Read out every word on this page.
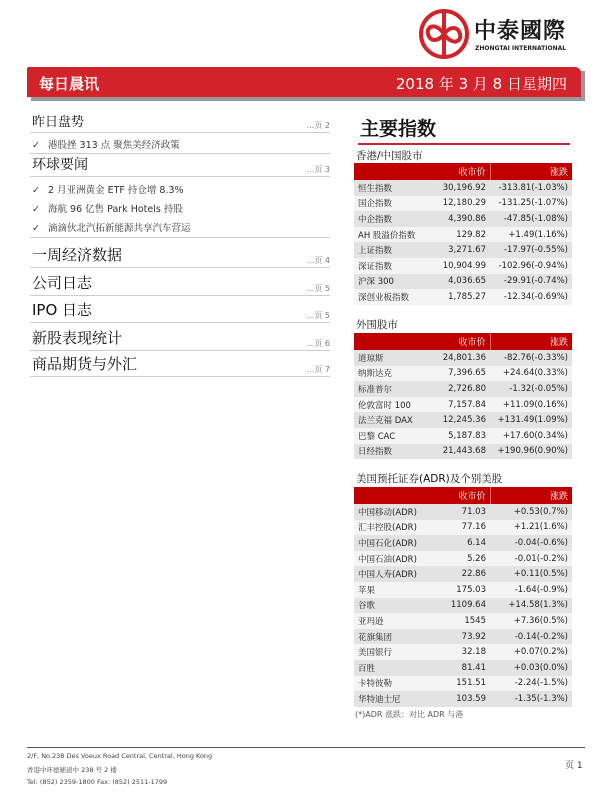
中泰國際
ZHONGTAI INTERNATIONAL
每日晨讯	2018 年 3 月 8 日星期四
昨日盘势	...页 2
✓ 港股挫 313 点 聚焦美经济政策
环球要闻	...页 3
✓ 2 月亚洲黄金 ETF 持仓增 8.3%
✓ 海航 96 亿售 Park Hotels 持股
✓ 滴滴伙北汽拓新能源共享汽车营运
一周经济数据	...页 4
公司日志	...页 5
IPO 日志	...页 5
新股表现统计	...页 6
商品期货与外汇	...页 7
主要指数
香港/中国股市
	收市价	涨跌
恒生指数	30,196.92	-313.81(-1.03%)
国企指数	12,180.29	-131.25(-1.07%)
中企指数	4,390.86	-47.85(-1.08%)
AH 股溢价指数	129.82	+1.49(1.16%)
上证指数	3,271.67	-17.97(-0.55%)
深证指数	10,904.99	-102.96(-0.94%)
沪深 300	4,036.65	-29.91(-0.74%)
深创业板指数	1,785.27	-12.34(-0.69%)
外围股市
	收市价	涨跌
道琼斯	24,801.36	-82.76(-0.33%)
纳斯达克	7,396.65	+24.64(0.33%)
标准普尔	2,726.80	-1.32(-0.05%)
伦敦富时 100	7,157.84	+11.09(0.16%)
法兰克福 DAX	12,245.36	+131.49(1.09%)
巴黎 CAC	5,187.83	+17.60(0.34%)
日经指数	21,443.68	+190.96(0.90%)
美国预托证券(ADR)及个别美股
	收市价	涨跌
中国移动(ADR)	71.03	+0.53(0.7%)
汇丰控股(ADR)	77.16	+1.21(1.6%)
中国石化(ADR)	6.14	-0.04(-0.6%)
中国石油(ADR)	5.26	-0.01(-0.2%)
中国人寿(ADR)	22.86	+0.11(0.5%)
苹果	175.03	-1.64(-0.9%)
谷歌	1109.64	+14.58(1.3%)
亚玛逊	1545	+7.36(0.5%)
花旗集团	73.92	-0.14(-0.2%)
美国银行	32.18	+0.07(0.2%)
百胜	81.41	+0.03(0.0%)
卡特彼勒	151.51	-2.24(-1.5%)
华特迪士尼	103.59	-1.35(-1.3%)
(*)ADR 涨跌：对比 ADR 与港
2/F, No.238 Des Voeux Road Central, Central, Hong Kong
香港中环德辅道中 238 号 2 楼
Tel: (852) 2359-1800 Fax: (852) 2511-1799
页 1
